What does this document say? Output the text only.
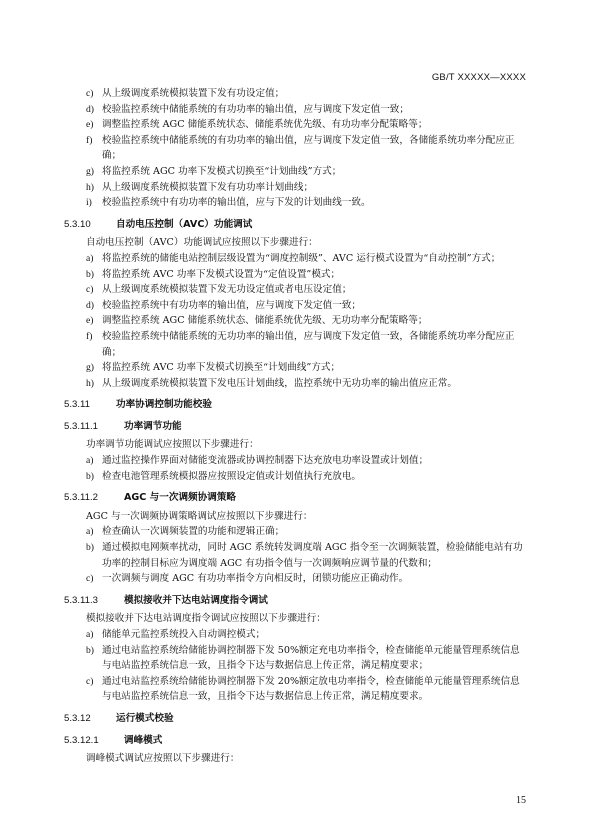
GB/T XXXXX—XXXX
c) 从上级调度系统模拟装置下发有功设定值；
d) 校验监控系统中储能系统的有功功率的输出值，应与调度下发定值一致；
e) 调整监控系统 AGC 储能系统状态、储能系统优先级、有功功率分配策略等；
f)	校验监控系统中储能系统的有功功率的输出值，应与调度下发定值一致，各储能系统功率分配应正确；
g) 将监控系统 AGC 功率下发模式切换至“计划曲线”方式；
h) 从上级调度系统模拟装置下发有功功率计划曲线；
i)	校验监控系统中有功功率的输出值，应与下发的计划曲线一致。
5.3.10	自动电压控制（AVC）功能调试
自动电压控制（AVC）功能调试应按照以下步骤进行：
a) 将监控系统的储能电站控制层级设置为“调度控制级”、AVC 运行模式设置为“自动控制”方式；
b) 将监控系统 AVC 功率下发模式设置为“定值设置”模式；
c) 从上级调度系统模拟装置下发无功设定值或者电压设定值；
d) 校验监控系统中有功功率的输出值，应与调度下发定值一致；
e) 调整监控系统 AGC 储能系统状态、储能系统优先级、无功功率分配策略等；
f)	校验监控系统中储能系统的无功功率的输出值，应与调度下发定值一致，各储能系统功率分配应正确；
g) 将监控系统 AVC 功率下发模式切换至“计划曲线”方式；
h) 从上级调度系统模拟装置下发电压计划曲线，监控系统中无功功率的输出值应正常。
5.3.11	功率协调控制功能校验
5.3.11.1	功率调节功能
功率调节功能调试应按照以下步骤进行：
a) 通过监控操作界面对储能变流器或协调控制器下达充放电功率设置或计划值；
b) 检查电池管理系统模拟器应按照设定值或计划值执行充放电。
5.3.11.2	AGC 与一次调频协调策略
AGC 与一次调频协调策略调试应按照以下步骤进行：
a) 检查确认一次调频装置的功能和逻辑正确；
b) 通过模拟电网频率扰动，同时 AGC 系统转发调度端 AGC 指令至一次调频装置，检验储能电站有功功率的控制目标应为调度端 AGC 有功指令值与一次调频响应调节量的代数和；
c) 一次调频与调度 AGC 有功功率指令方向相反时，闭锁功能应正确动作。
5.3.11.3	模拟接收并下达电站调度指令调试
模拟接收并下达电站调度指令调试应按照以下步骤进行：
a) 储能单元监控系统投入自动调控模式；
b) 通过电站监控系统给储能协调控制器下发 50%额定充电功率指令，检查储能单元能量管理系统信息与电站监控系统信息一致，且指令下达与数据信息上传正常，满足精度要求；
c) 通过电站监控系统给储能协调控制器下发 20%额定放电功率指令，检查储能单元能量管理系统信息与电站监控系统信息一致，且指令下达与数据信息上传正常，满足精度要求。
5.3.12	运行模式校验
5.3.12.1	调峰模式
调峰模式调试应按照以下步骤进行：
15
